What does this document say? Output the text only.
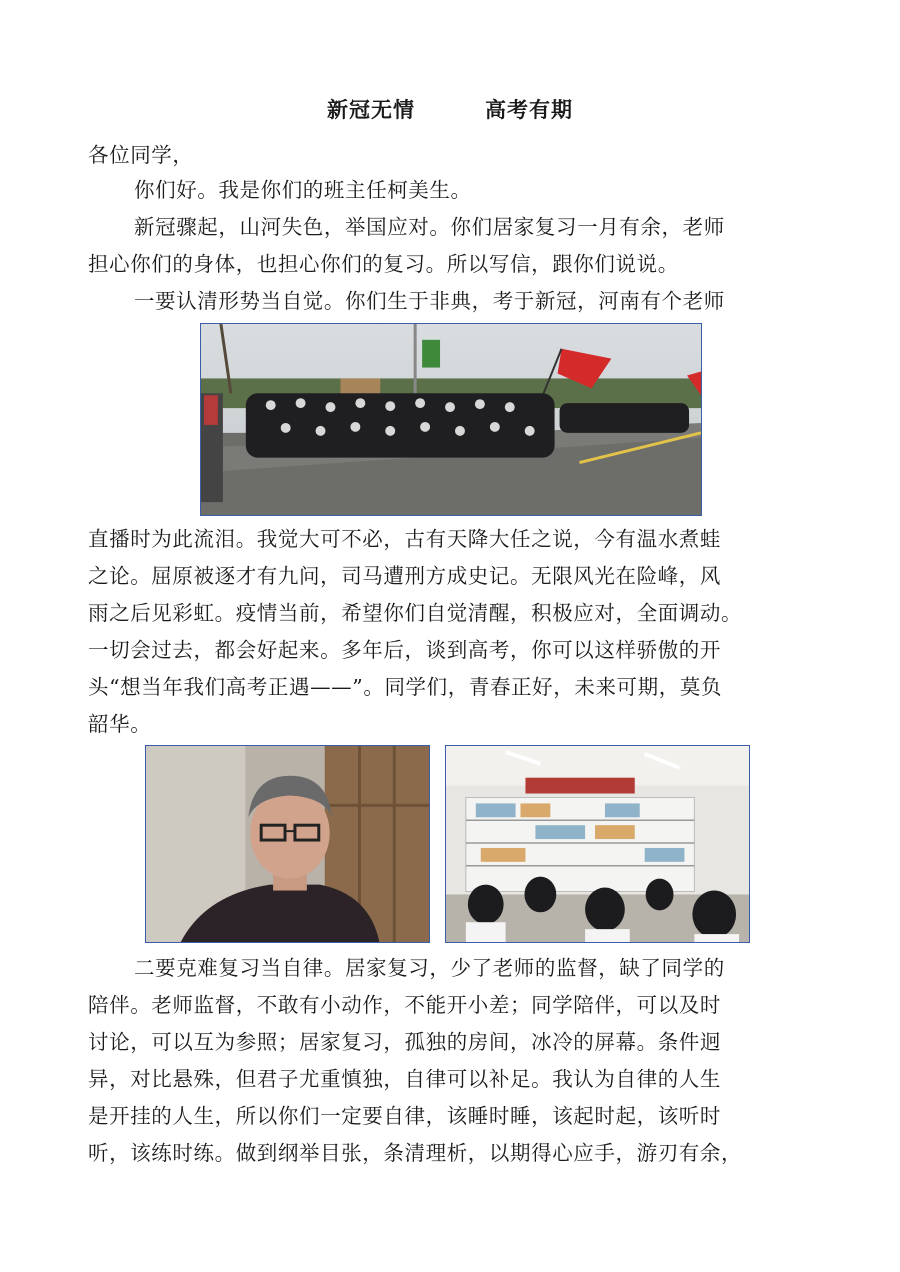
新冠无情	高考有期
各位同学，
你们好。我是你们的班主任柯美生。
新冠骤起，山河失色，举国应对。你们居家复习一月有余，老师
担心你们的身体，也担心你们的复习。所以写信，跟你们说说。
一要认清形势当自觉。你们生于非典，考于新冠，河南有个老师
直播时为此流泪。我觉大可不必，古有天降大任之说，今有温水煮蛙
之论。屈原被逐才有九问，司马遭刑方成史记。无限风光在险峰，风
雨之后见彩虹。疫情当前，希望你们自觉清醒，积极应对，全面调动。
一切会过去，都会好起来。多年后，谈到高考，你可以这样骄傲的开
头“想当年我们高考正遇——”。同学们，青春正好，未来可期，莫负
韶华。
二要克难复习当自律。居家复习，少了老师的监督，缺了同学的
陪伴。老师监督，不敢有小动作，不能开小差；同学陪伴，可以及时
讨论，可以互为参照；居家复习，孤独的房间，冰冷的屏幕。条件迥
异，对比悬殊，但君子尤重慎独，自律可以补足。我认为自律的人生
是开挂的人生，所以你们一定要自律，该睡时睡，该起时起，该听时
听，该练时练。做到纲举目张，条清理析，以期得心应手，游刃有余，
